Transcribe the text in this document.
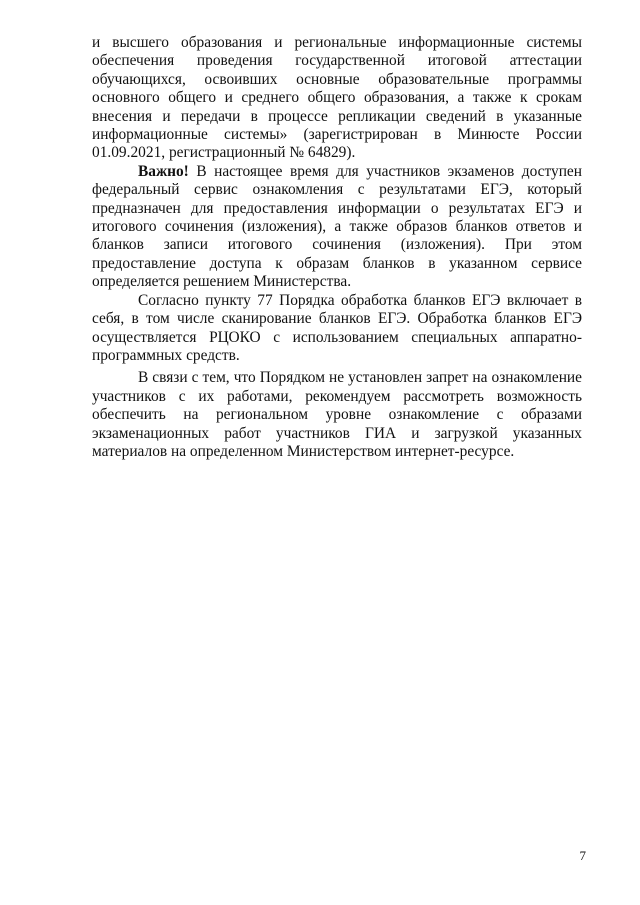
и высшего образования и региональные информационные системы обеспечения проведения государственной итоговой аттестации обучающихся, освоивших основные образовательные программы основного общего и среднего общего образования, а также к срокам внесения и передачи в процессе репликации сведений в указанные информационные системы» (зарегистрирован в Минюсте России 01.09.2021, регистрационный № 64829).

Важно! В настоящее время для участников экзаменов доступен федеральный сервис ознакомления с результатами ЕГЭ, который предназначен для предоставления информации о результатах ЕГЭ и итогового сочинения (изложения), а также образов бланков ответов и бланков записи итогового сочинения (изложения). При этом предоставление доступа к образам бланков в указанном сервисе определяется решением Министерства.

Согласно пункту 77 Порядка обработка бланков ЕГЭ включает в себя, в том числе сканирование бланков ЕГЭ. Обработка бланков ЕГЭ осуществляется РЦОКО с использованием специальных аппаратно-программных средств.

В связи с тем, что Порядком не установлен запрет на ознакомление участников с их работами, рекомендуем рассмотреть возможность обеспечить на региональном уровне ознакомление с образами экзаменационных работ участников ГИА и загрузкой указанных материалов на определенном Министерством интернет-ресурсе.

7
